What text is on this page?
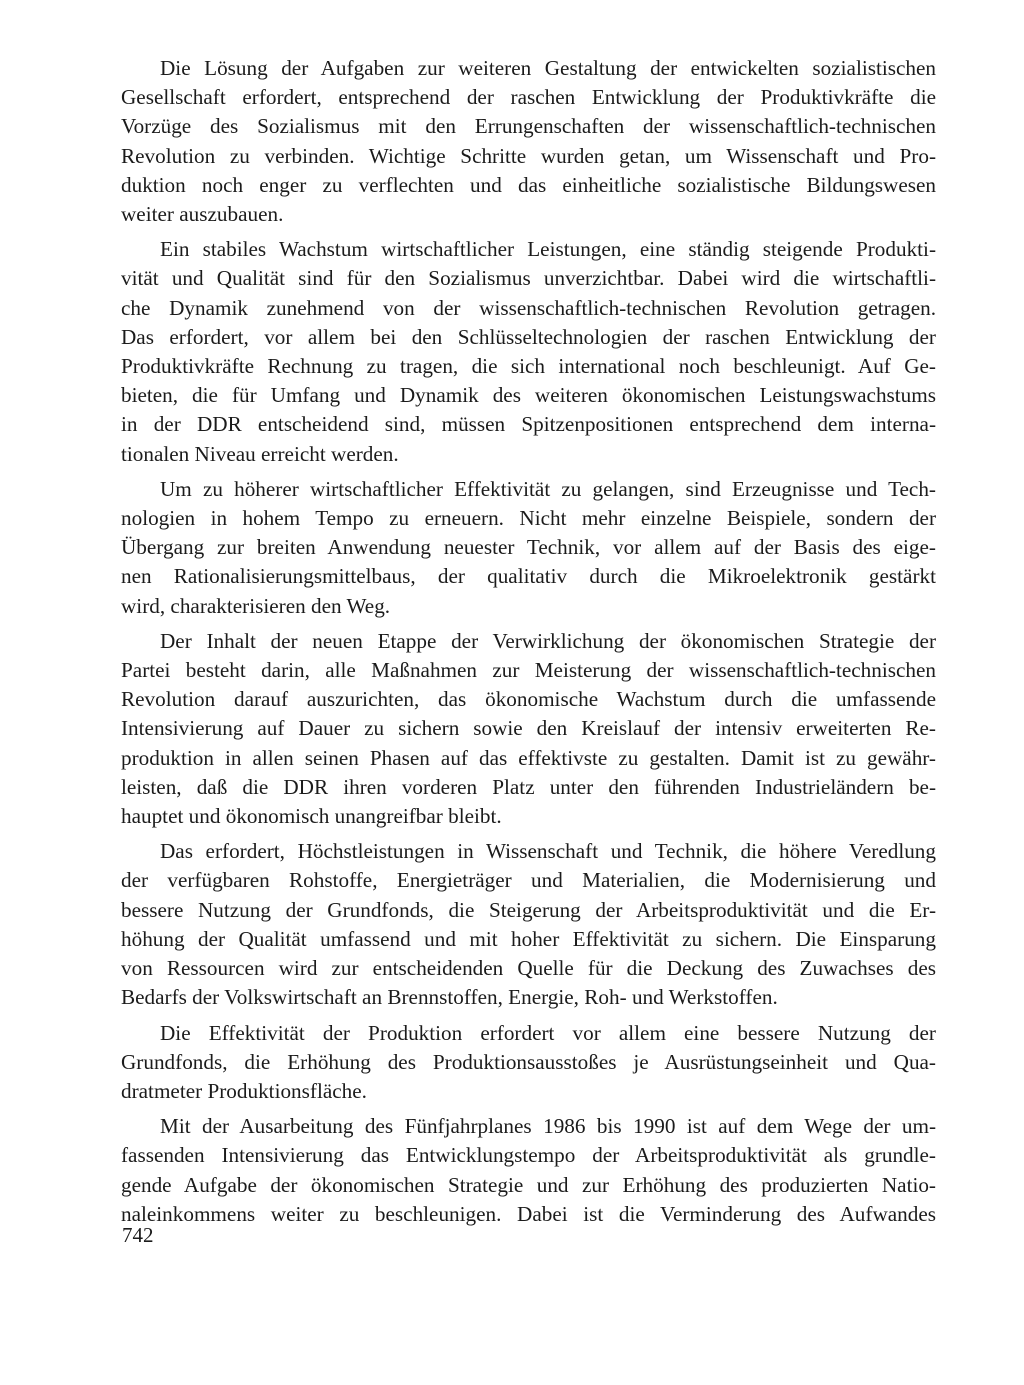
Die Lösung der Aufgaben zur weiteren Gestaltung der entwickelten sozialistischen
Gesellschaft erfordert, entsprechend der raschen Entwicklung der Produktivkräfte die
Vorzüge des Sozialismus mit den Errungenschaften der wissenschaftlich-technischen
Revolution zu verbinden. Wichtige Schritte wurden getan, um Wissenschaft und Pro-
duktion noch enger zu verflechten und das einheitliche sozialistische Bildungswesen
weiter auszubauen.

Ein stabiles Wachstum wirtschaftlicher Leistungen, eine ständig steigende Produkti-
vität und Qualität sind für den Sozialismus unverzichtbar. Dabei wird die wirtschaftli-
che Dynamik zunehmend von der wissenschaftlich-technischen Revolution getragen.
Das erfordert, vor allem bei den Schlüsseltechnologien der raschen Entwicklung der
Produktivkräfte Rechnung zu tragen, die sich international noch beschleunigt. Auf Ge-
bieten, die für Umfang und Dynamik des weiteren ökonomischen Leistungswachstums
in der DDR entscheidend sind, müssen Spitzenpositionen entsprechend dem interna-
tionalen Niveau erreicht werden.

Um zu höherer wirtschaftlicher Effektivität zu gelangen, sind Erzeugnisse und Tech-
nologien in hohem Tempo zu erneuern. Nicht mehr einzelne Beispiele, sondern der
Übergang zur breiten Anwendung neuester Technik, vor allem auf der Basis des eige-
nen Rationalisierungsmittelbaus, der qualitativ durch die Mikroelektronik gestärkt
wird, charakterisieren den Weg.

Der Inhalt der neuen Etappe der Verwirklichung der ökonomischen Strategie der
Partei besteht darin, alle Maßnahmen zur Meisterung der wissenschaftlich-technischen
Revolution darauf auszurichten, das ökonomische Wachstum durch die umfassende
Intensivierung auf Dauer zu sichern sowie den Kreislauf der intensiv erweiterten Re-
produktion in allen seinen Phasen auf das effektivste zu gestalten. Damit ist zu gewähr-
leisten, daß die DDR ihren vorderen Platz unter den führenden Industrieländern be-
hauptet und ökonomisch unangreifbar bleibt.

Das erfordert, Höchstleistungen in Wissenschaft und Technik, die höhere Veredlung
der verfügbaren Rohstoffe, Energieträger und Materialien, die Modernisierung und
bessere Nutzung der Grundfonds, die Steigerung der Arbeitsproduktivität und die Er-
höhung der Qualität umfassend und mit hoher Effektivität zu sichern. Die Einsparung
von Ressourcen wird zur entscheidenden Quelle für die Deckung des Zuwachses des
Bedarfs der Volkswirtschaft an Brennstoffen, Energie, Roh- und Werkstoffen.

Die Effektivität der Produktion erfordert vor allem eine bessere Nutzung der
Grundfonds, die Erhöhung des Produktionsausstoßes je Ausrüstungseinheit und Qua-
dratmeter Produktionsfläche.

Mit der Ausarbeitung des Fünfjahrplanes 1986 bis 1990 ist auf dem Wege der um-
fassenden Intensivierung das Entwicklungstempo der Arbeitsproduktivität als grundle-
gende Aufgabe der ökonomischen Strategie und zur Erhöhung des produzierten Natio-
naleinkommens weiter zu beschleunigen. Dabei ist die Verminderung des Aufwandes

742
